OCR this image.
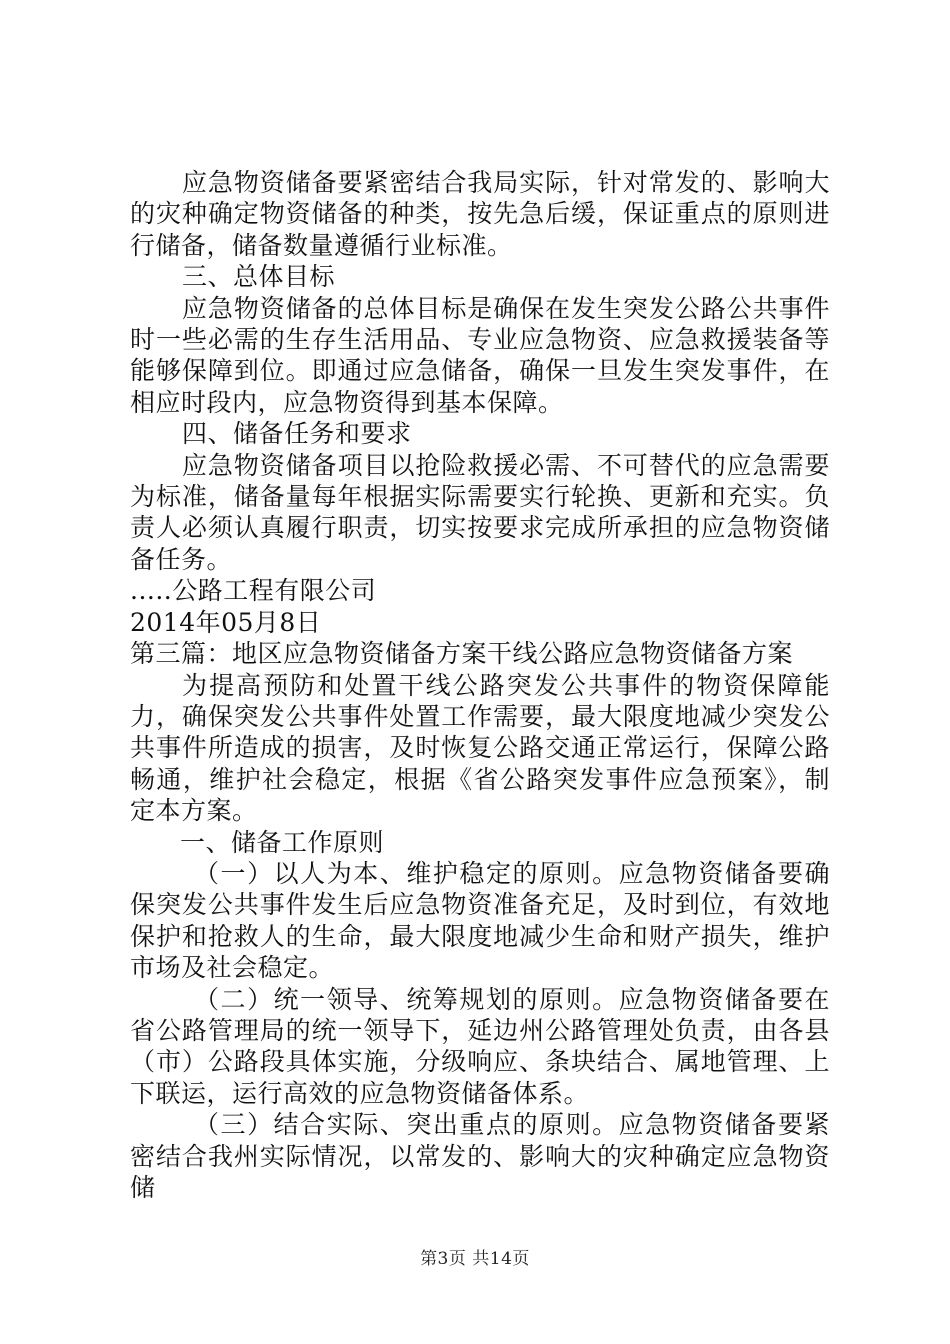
应急物资储备要紧密结合我局实际，针对常发的、影响大的灾种确定物资储备的种类，按先急后缓，保证重点的原则进行储备，储备数量遵循行业标准。

三、总体目标

应急物资储备的总体目标是确保在发生突发公路公共事件时一些必需的生存生活用品、专业应急物资、应急救援装备等能够保障到位。即通过应急储备，确保一旦发生突发事件，在相应时段内，应急物资得到基本保障。

四、储备任务和要求

应急物资储备项目以抢险救援必需、不可替代的应急需要为标准，储备量每年根据实际需要实行轮换、更新和充实。负责人必须认真履行职责，切实按要求完成所承担的应急物资储备任务。

.....公路工程有限公司

2014年05月8日

第三篇：地区应急物资储备方案干线公路应急物资储备方案

为提高预防和处置干线公路突发公共事件的物资保障能力，确保突发公共事件处置工作需要，最大限度地减少突发公共事件所造成的损害，及时恢复公路交通正常运行，保障公路畅通，维护社会稳定，根据《省公路突发事件应急预案》，制定本方案。

一、储备工作原则

（一）以人为本、维护稳定的原则。应急物资储备要确保突发公共事件发生后应急物资准备充足，及时到位，有效地保护和抢救人的生命，最大限度地减少生命和财产损失，维护市场及社会稳定。

（二）统一领导、统筹规划的原则。应急物资储备要在省公路管理局的统一领导下，延边州公路管理处负责，由各县（市）公路段具体实施，分级响应、条块结合、属地管理、上下联运，运行高效的应急物资储备体系。

（三）结合实际、突出重点的原则。应急物资储备要紧密结合我州实际情况，以常发的、影响大的灾种确定应急物资储

第3页 共14页
